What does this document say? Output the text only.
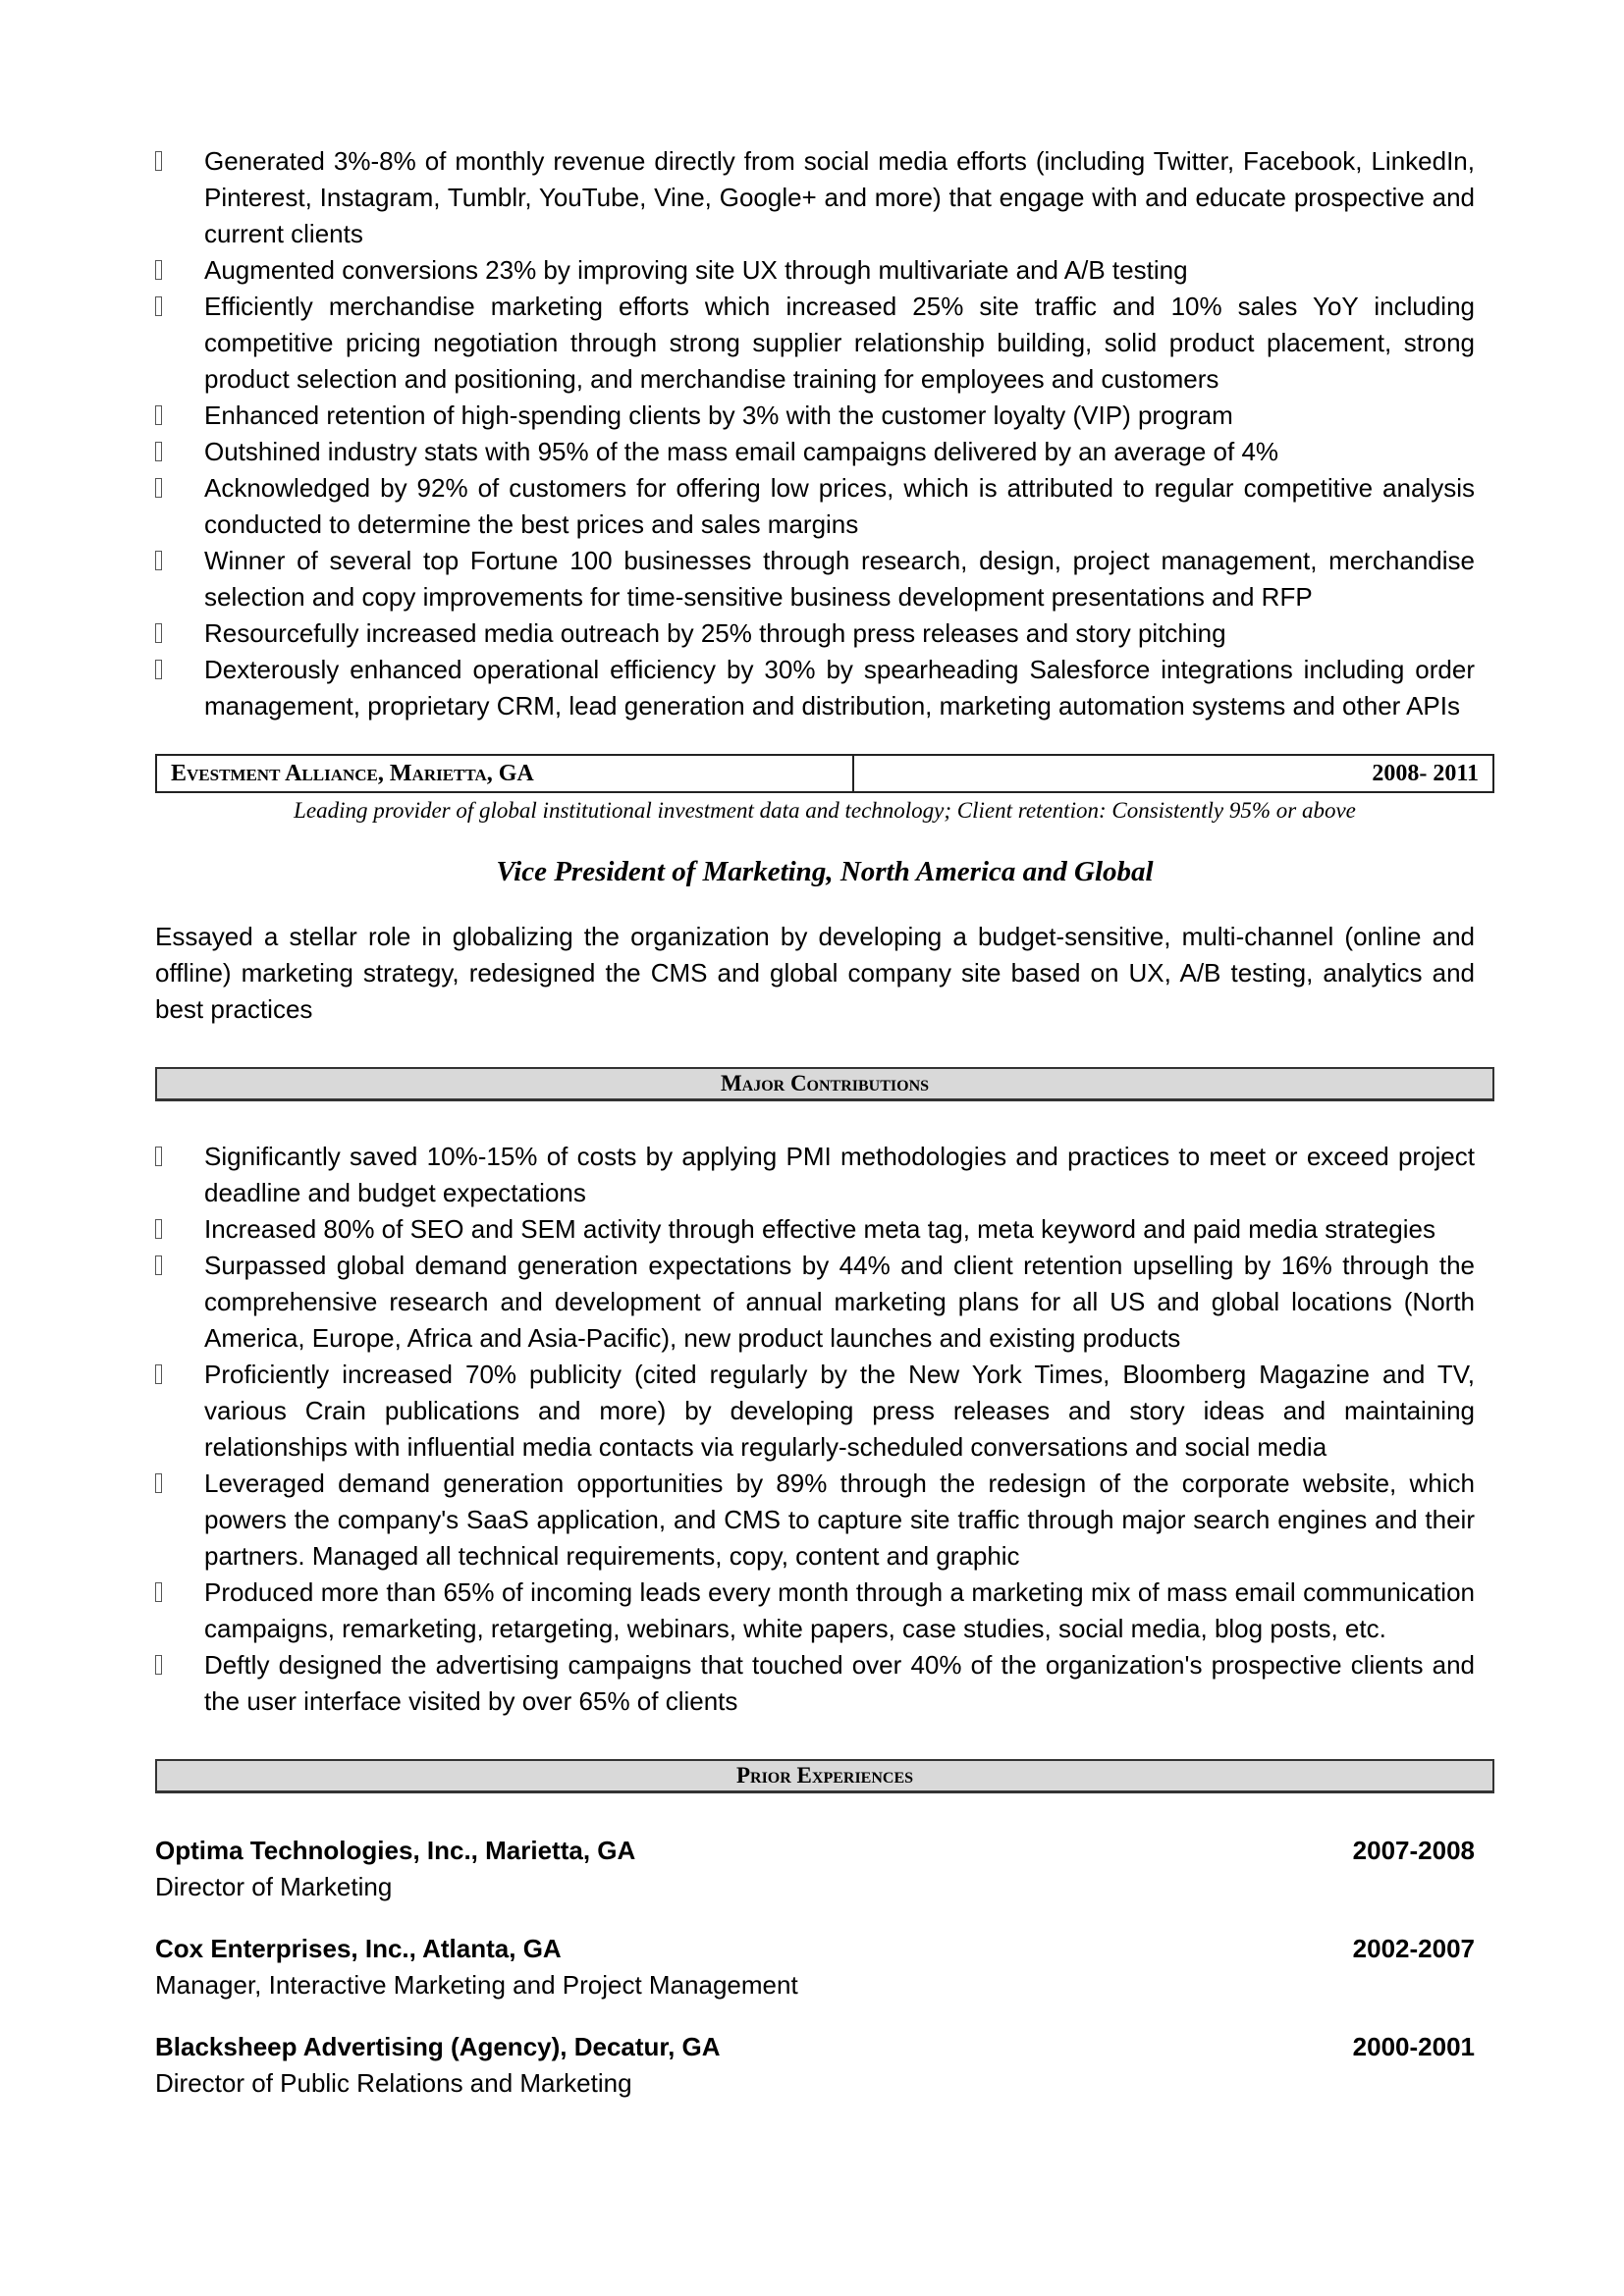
Generated 3%-8% of monthly revenue directly from social media efforts (including Twitter, Facebook, LinkedIn, Pinterest, Instagram, Tumblr, YouTube, Vine, Google+ and more) that engage with and educate prospective and current clients
Augmented conversions 23% by improving site UX through multivariate and A/B testing
Efficiently merchandise marketing efforts which increased 25% site traffic and 10% sales YoY including competitive pricing negotiation through strong supplier relationship building, solid product placement, strong product selection and positioning, and merchandise training for employees and customers
Enhanced retention of high-spending clients by 3% with the customer loyalty (VIP) program
Outshined industry stats with 95% of the mass email campaigns delivered by an average of 4%
Acknowledged by 92% of customers for offering low prices, which is attributed to regular competitive analysis conducted to determine the best prices and sales margins
Winner of several top Fortune 100 businesses through research, design, project management, merchandise selection and copy improvements for time-sensitive business development presentations and RFP
Resourcefully increased media outreach by 25% through press releases and story pitching
Dexterously enhanced operational efficiency by 30% by spearheading Salesforce integrations including order management, proprietary CRM, lead generation and distribution, marketing automation systems and other APIs
Evestment Alliance, Marietta, GA	2008- 2011
Leading provider of global institutional investment data and technology; Client retention: Consistently 95% or above
Vice President of Marketing, North America and Global
Essayed a stellar role in globalizing the organization by developing a budget-sensitive, multi-channel (online and offline) marketing strategy, redesigned the CMS and global company site based on UX, A/B testing, analytics and best practices
Major Contributions
Significantly saved 10%-15% of costs by applying PMI methodologies and practices to meet or exceed project deadline and budget expectations
Increased 80% of SEO and SEM activity through effective meta tag, meta keyword and paid media strategies
Surpassed global demand generation expectations by 44% and client retention upselling by 16% through the comprehensive research and development of annual marketing plans for all US and global locations (North America, Europe, Africa and Asia-Pacific), new product launches and existing products
Proficiently increased 70% publicity (cited regularly by the New York Times, Bloomberg Magazine and TV, various Crain publications and more) by developing press releases and story ideas and maintaining relationships with influential media contacts via regularly-scheduled conversations and social media
Leveraged demand generation opportunities by 89% through the redesign of the corporate website, which powers the company's SaaS application, and CMS to capture site traffic through major search engines and their partners. Managed all technical requirements, copy, content and graphic
Produced more than 65% of incoming leads every month through a marketing mix of mass email communication campaigns, remarketing, retargeting, webinars, white papers, case studies, social media, blog posts, etc.
Deftly designed the advertising campaigns that touched over 40% of the organization's prospective clients and the user interface visited by over 65% of clients
Prior Experiences
Optima Technologies, Inc., Marietta, GA	2007-2008
Director of Marketing
Cox Enterprises, Inc., Atlanta, GA	2002-2007
Manager, Interactive Marketing and Project Management
Blacksheep Advertising (Agency), Decatur, GA	2000-2001
Director of Public Relations and Marketing
